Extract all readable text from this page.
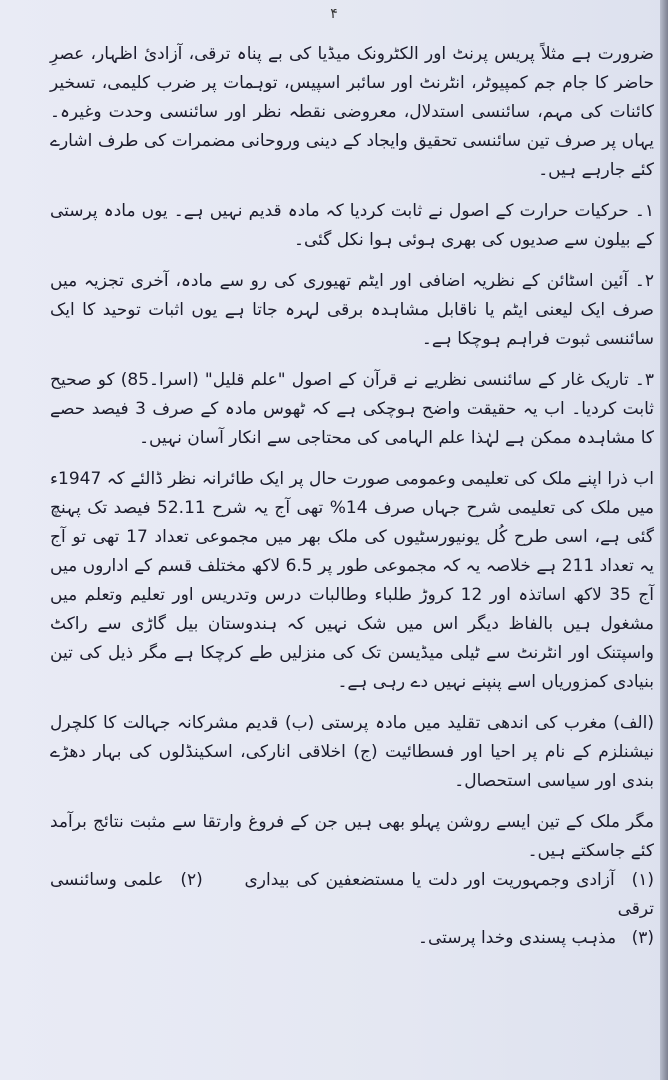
۴

ضرورت ہے مثلاً پریس پرنٹ اور الکٹرونک میڈیا کی بے پناہ ترقی، آزادیٔ اظہار، عصرِ حاضر کا جام جم کمپیوٹر، انٹرنٹ اور سائبر اسپیس، توہمات پر ضرب کلیمی، تسخیر کائنات کی مہم، سائنسی استدلال، معروضی نقطہ نظر اور سائنسی وحدت وغیرہ۔ یہاں پر صرف تین سائنسی تحقیق وایجاد کے دینی وروحانی مضمرات کی طرف اشارے کئے جارہے ہیں۔

۱۔ حرکیات حرارت کے اصول نے ثابت کردیا کہ مادہ قدیم نہیں ہے۔ یوں مادہ پرستی کے بیلون سے صدیوں کی بھری ہوئی ہوا نکل گئی۔

۲۔ آئین اسٹائن کے نظریہ اضافی اور ایٹم تھیوری کی رو سے مادہ، آخری تجزیہ میں صرف ایک لیعنی ایٹم یا ناقابل مشاہدہ برقی لہرہ جاتا ہے یوں اثبات توحید کا ایک سائنسی ثبوت فراہم ہوچکا ہے۔

۳۔ تاریک غار کے سائنسی نظریے نے قرآن کے اصول "علم قلیل" (اسرا۔85) کو صحیح ثابت کردیا۔ اب یہ حقیقت واضح ہوچکی ہے کہ ٹھوس مادہ کے صرف 3 فیصد حصے کا مشاہدہ ممکن ہے لہٰذا علم الہامی کی محتاجی سے انکار آسان نہیں۔

اب ذرا اپنے ملک کی تعلیمی وعمومی صورت حال پر ایک طائرانہ نظر ڈالئے کہ 1947ء میں ملک کی تعلیمی شرح جہاں صرف 14% تھی آج یہ شرح 52.11 فیصد تک پہنچ گئی ہے، اسی طرح کُل یونیورسٹیوں کی ملک بھر میں مجموعی تعداد 17 تھی تو آج یہ تعداد 211 ہے خلاصہ یہ کہ مجموعی طور پر 6.5 لاکھ مختلف قسم کے اداروں میں آج 35 لاکھ اساتذہ اور 12 کروڑ طلباء وطالبات درس وتدریس اور تعلیم وتعلم میں مشغول ہیں بالفاظ دیگر اس میں شک نہیں کہ ہندوستان بیل گاڑی سے راکٹ واسپتنک اور انٹرنٹ سے ٹیلی میڈیسن تک کی منزلیں طے کرچکا ہے مگر ذیل کی تین بنیادی کمزوریاں اسے پنپنے نہیں دے رہی ہے۔

(الف) مغرب کی اندھی تقلید میں مادہ پرستی (ب) قدیم مشرکانہ جہالت کا کلچرل نیشنلزم کے نام پر احیا اور فسطائیت (ج) اخلاقی انارکی، اسکینڈلوں کی بہار دھڑے بندی اور سیاسی استحصال۔

مگر ملک کے تین ایسے روشن پہلو بھی ہیں جن کے فروغ وارتقا سے مثبت نتائج برآمد کئے جاسکتے ہیں۔

(۱) آزادی وجمہوریت اور دلت یا مستضعفین کی بیداری  (۲) علمی وسائنسی ترقی
(۳) مذہب پسندی وخدا پرستی۔
